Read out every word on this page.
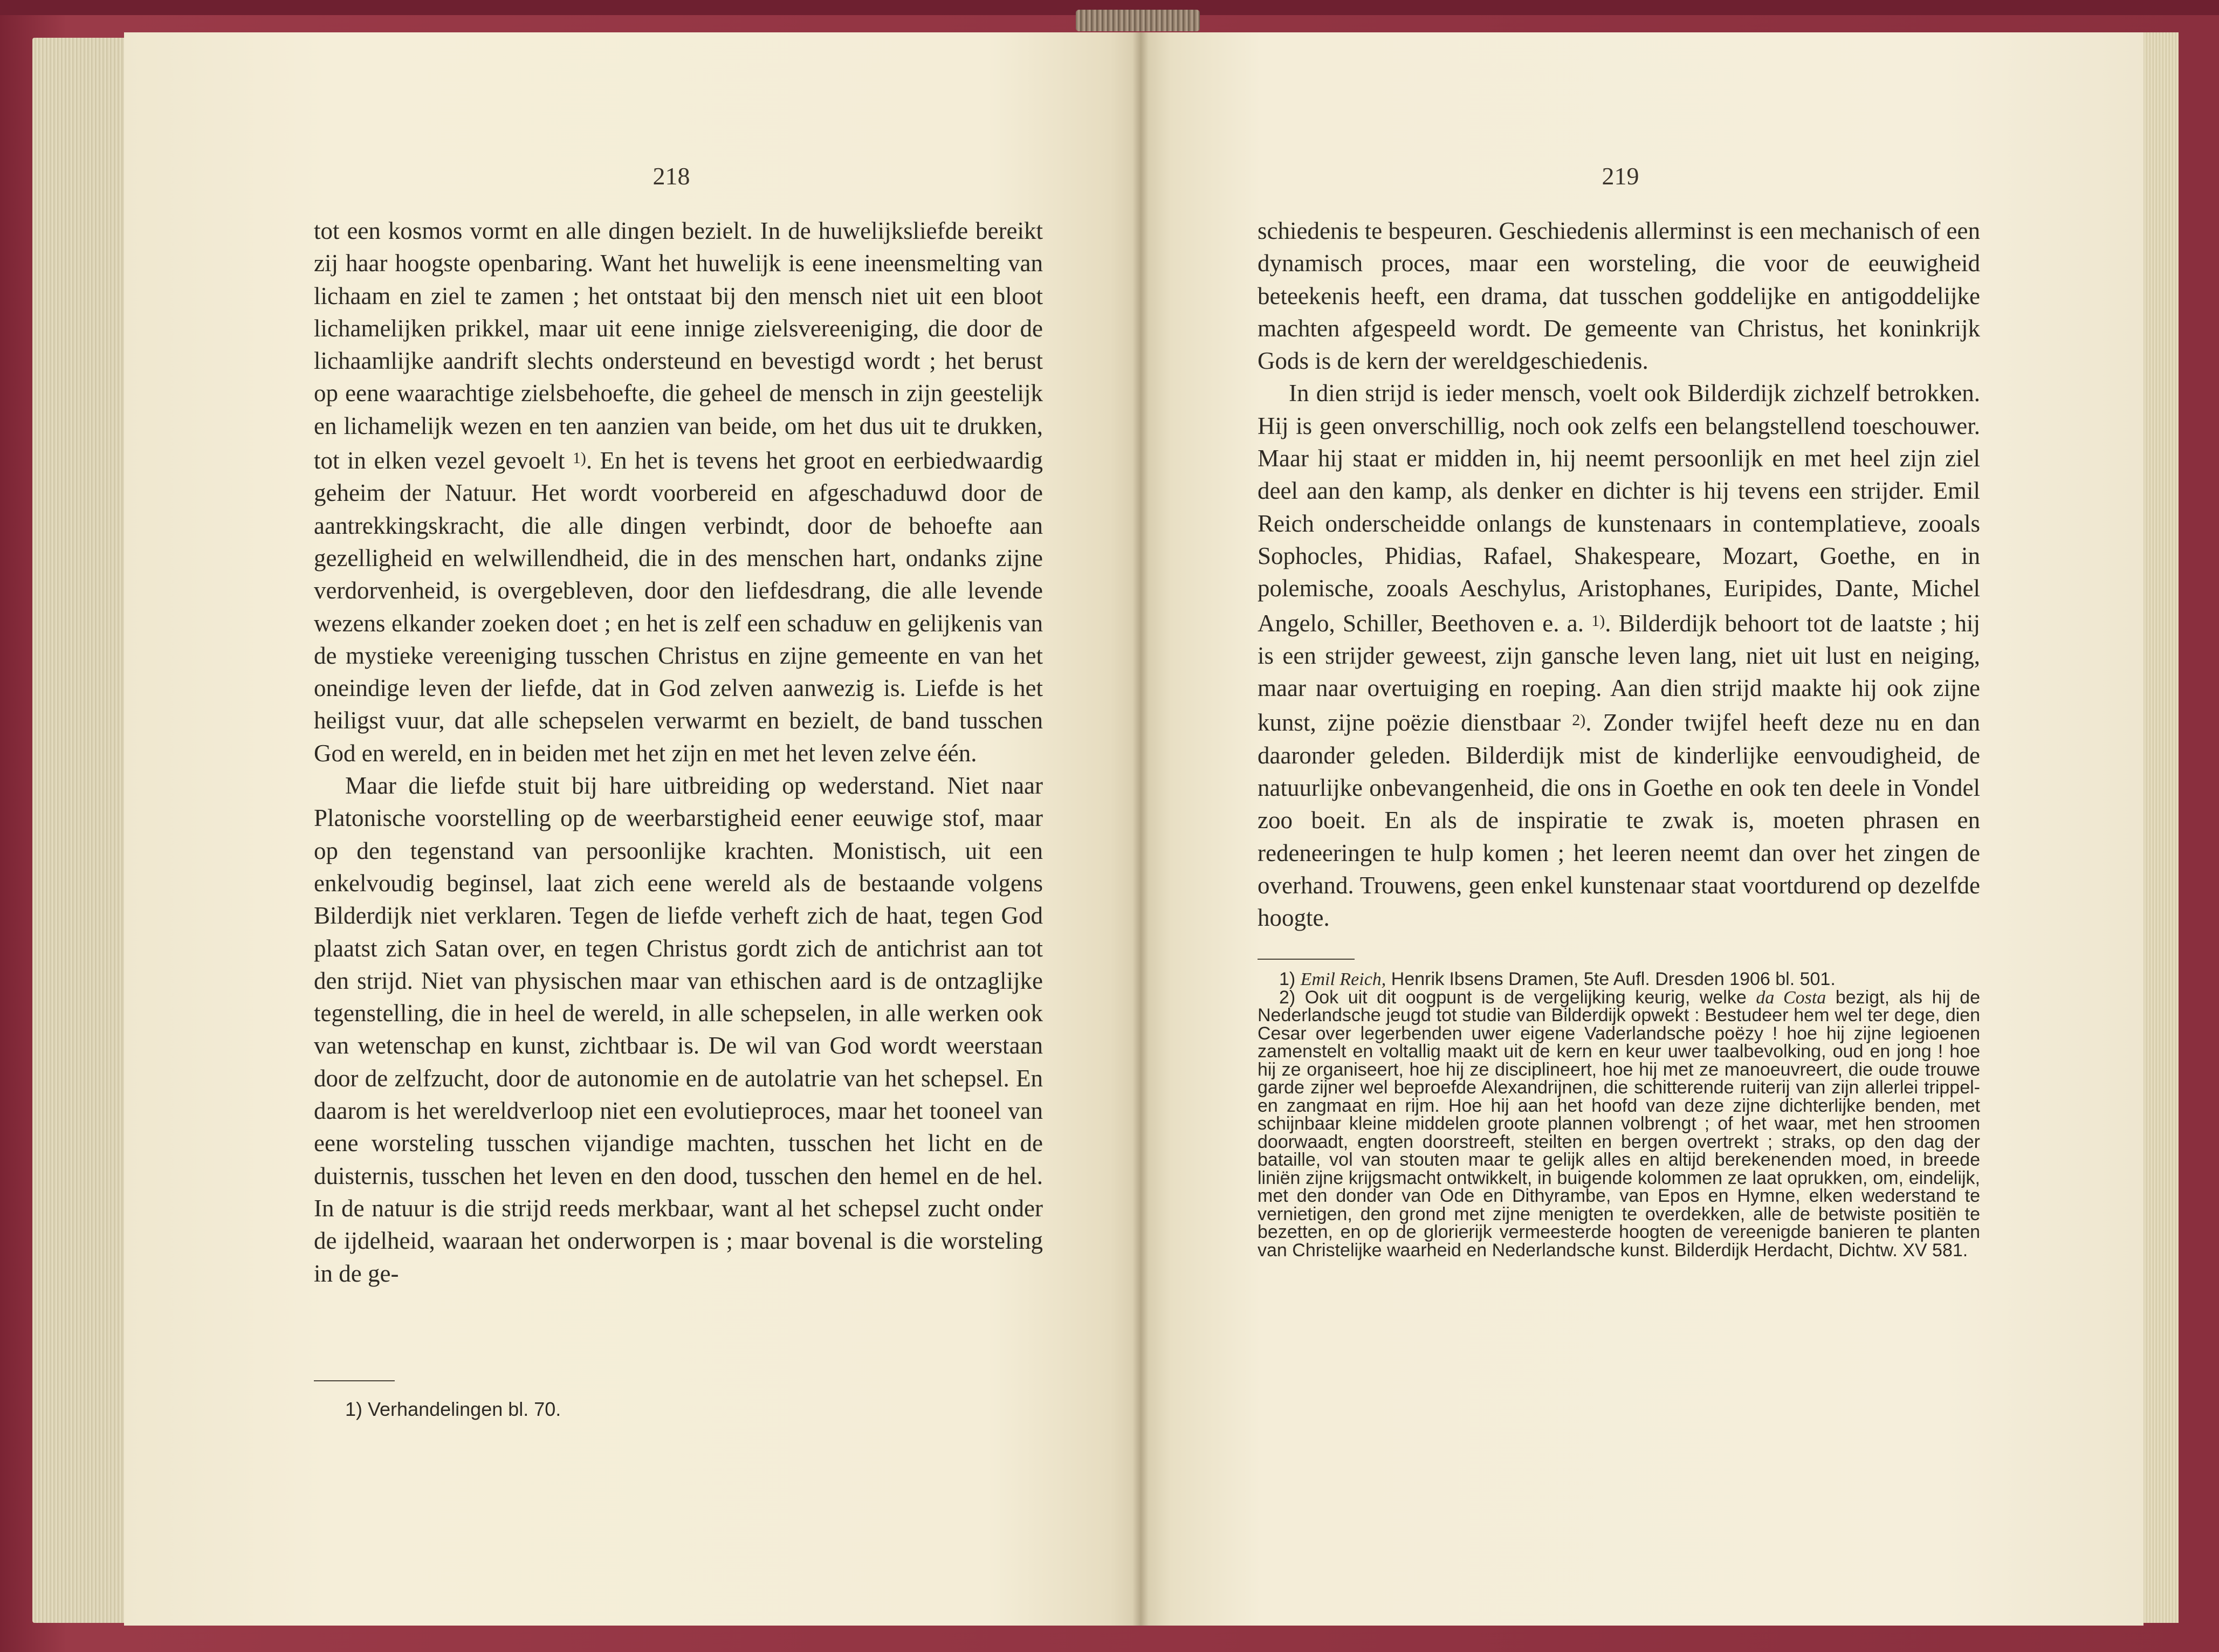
218	219

tot een kosmos vormt en alle dingen bezielt. In de huwelijksliefde bereikt zij haar hoogste openbaring. Want het huwelijk is eene ineensmelting van lichaam en ziel te zamen ; het ontstaat bij den mensch niet uit een bloot lichamelijken prikkel, maar uit eene innige zielsvereeniging, die door de lichaamlijke aandrift slechts ondersteund en bevestigd wordt ; het berust op eene waarachtige zielsbehoefte, die geheel de mensch in zijn geestelijk en lichamelijk wezen en ten aanzien van beide, om het dus uit te drukken, tot in elken vezel gevoelt $^{1)}$. En het is tevens het groot en eerbiedwaardig geheim der Natuur. Het wordt voorbereid en afgeschaduwd door de aantrekkingskracht, die alle dingen verbindt, door de behoefte aan gezelligheid en welwillendheid, die in des menschen hart, ondanks zijne verdorvenheid, is overgebleven, door den liefdesdrang, die alle levende wezens elkander zoeken doet ; en het is zelf een schaduw en gelijkenis van de mystieke vereeniging tusschen Christus en zijne gemeente en van het oneindige leven der liefde, dat in God zelven aanwezig is. Liefde is het heiligst vuur, dat alle schepselen verwarmt en bezielt, de band tusschen God en wereld, en in beiden met het zijn en met het leven zelve één.

Maar die liefde stuit bij hare uitbreiding op wederstand. Niet naar Platonische voorstelling op de weerbarstigheid eener eeuwige stof, maar op den tegenstand van persoonlijke krachten. Monistisch, uit een enkelvoudig beginsel, laat zich eene wereld als de bestaande volgens Bilderdijk niet verklaren. Tegen de liefde verheft zich de haat, tegen God plaatst zich Satan over, en tegen Christus gordt zich de antichrist aan tot den strijd. Niet van physischen maar van ethischen aard is de ontzaglijke tegenstelling, die in heel de wereld, in alle schepselen, in alle werken ook van wetenschap en kunst, zichtbaar is. De wil van God wordt weerstaan door de zelfzucht, door de autonomie en de autolatrie van het schepsel. En daarom is het wereldverloop niet een evolutieproces, maar het tooneel van eene worsteling tusschen vijandige machten, tusschen het licht en de duisternis, tusschen het leven en den dood, tusschen den hemel en de hel. In de natuur is die strijd reeds merkbaar, want al het schepsel zucht onder de ijdelheid, waaraan het onderworpen is ; maar bovenal is die worsteling in de ge-

1) Verhandelingen bl. 70.

schiedenis te bespeuren. Geschiedenis allerminst is een mechanisch of een dynamisch proces, maar een worsteling, die voor de eeuwigheid beteekenis heeft, een drama, dat tusschen goddelijke en antigoddelijke machten afgespeeld wordt. De gemeente van Christus, het koninkrijk Gods is de kern der wereldgeschiedenis.

In dien strijd is ieder mensch, voelt ook Bilderdijk zichzelf betrokken. Hij is geen onverschillig, noch ook zelfs een belangstellend toeschouwer. Maar hij staat er midden in, hij neemt persoonlijk en met heel zijn ziel deel aan den kamp, als denker en dichter is hij tevens een strijder. Emil Reich onderscheidde onlangs de kunstenaars in contemplatieve, zooals Sophocles, Phidias, Rafael, Shakespeare, Mozart, Goethe, en in polemische, zooals Aeschylus, Aristophanes, Euripides, Dante, Michel Angelo, Schiller, Beethoven e. a. $^{1)}$. Bilderdijk behoort tot de laatste ; hij is een strijder geweest, zijn gansche leven lang, niet uit lust en neiging, maar naar overtuiging en roeping. Aan dien strijd maakte hij ook zijne kunst, zijne poëzie dienstbaar $^{2)}$. Zonder twijfel heeft deze nu en dan daaronder geleden. Bilderdijk mist de kinderlijke eenvoudigheid, de natuurlijke onbevangenheid, die ons in Goethe en ook ten deele in Vondel zoo boeit. En als de inspiratie te zwak is, moeten phrasen en redeneeringen te hulp komen ; het leeren neemt dan over het zingen de overhand. Trouwens, geen enkel kunstenaar staat voortdurend op dezelfde hoogte.

1) Emil Reich, Henrik Ibsens Dramen, 5te Aufl. Dresden 1906 bl. 501.

2) Ook uit dit oogpunt is de vergelijking keurig, welke da Costa bezigt, als hij de Nederlandsche jeugd tot studie van Bilderdijk opwekt : Bestudeer hem wel ter dege, dien Cesar over legerbenden uwer eigene Vaderlandsche poëzy ! hoe hij zijne legioenen zamenstelt en voltallig maakt uit de kern en keur uwer taalbevolking, oud en jong ! hoe hij ze organiseert, hoe hij ze disciplineert, hoe hij met ze manoeuvreert, die oude trouwe garde zijner wel beproefde Alexandrijnen, die schitterende ruiterij van zijn allerlei trippel- en zangmaat en rijm. Hoe hij aan het hoofd van deze zijne dichterlijke benden, met schijnbaar kleine middelen groote plannen volbrengt ; of het waar, met hen stroomen doorwaadt, engten doorstreeft, steilten en bergen overtrekt ; straks, op den dag der bataille, vol van stouten maar te gelijk alles en altijd berekenenden moed, in breede liniën zijne krijgsmacht ontwikkelt, in buigende kolommen ze laat oprukken, om, eindelijk, met den donder van Ode en Dithyrambe, van Epos en Hymne, elken wederstand te vernietigen, den grond met zijne menigten te overdekken, alle de betwiste positiën te bezetten, en op de glorierijk vermeesterde hoogten de vereenigde banieren te planten van Christelijke waarheid en Nederlandsche kunst. Bilderdijk Herdacht, Dichtw. XV 581.
